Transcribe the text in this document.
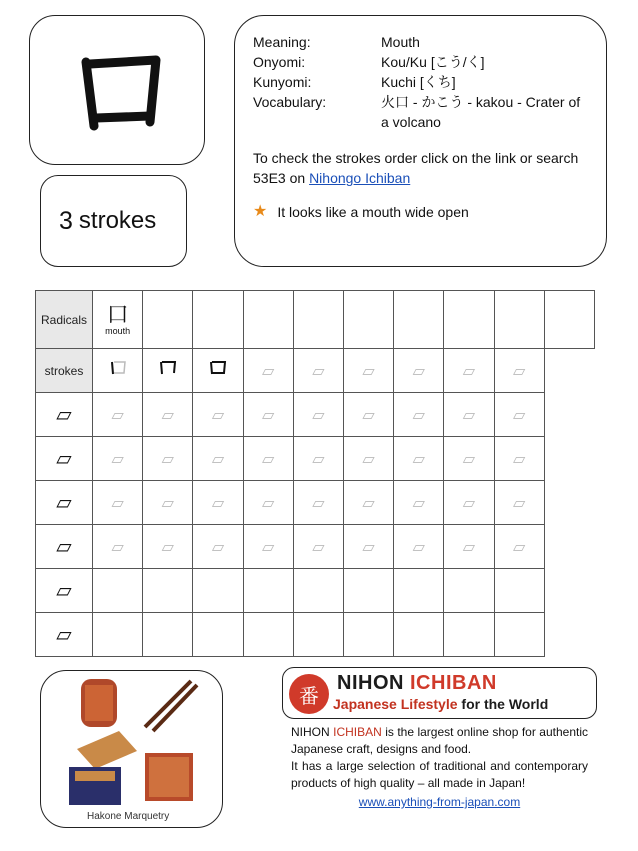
3 strokes
Meaning:	Mouth
Onyomi:	Kou/Ku [こう/く]
Kunyomi:	Kuchi [くち]
Vocabulary:	火口 - かこう - kakou - Crater of a volcano
To check the strokes order click on the link or search 53E3 on Nihongo Ichiban
★ It looks like a mouth wide open
Radicals	口
mouth									

strokes				▱	▱	▱	▱	▱	▱	
▱	▱	▱	▱	▱	▱	▱	▱	▱	▱	
▱	▱	▱	▱	▱	▱	▱	▱	▱	▱	
▱	▱	▱	▱	▱	▱	▱	▱	▱	▱	
▱	▱	▱	▱	▱	▱	▱	▱	▱	▱	
▱										
▱										
Hakone Marquetry
番
NIHON ICHIBAN
Japanese Lifestyle for the World
NIHON ICHIBAN is the largest online shop for authentic Japanese craft, designs and food.
It has a large selection of traditional and contemporary products of high quality – all made in Japan!
www.anything-from-japan.com
